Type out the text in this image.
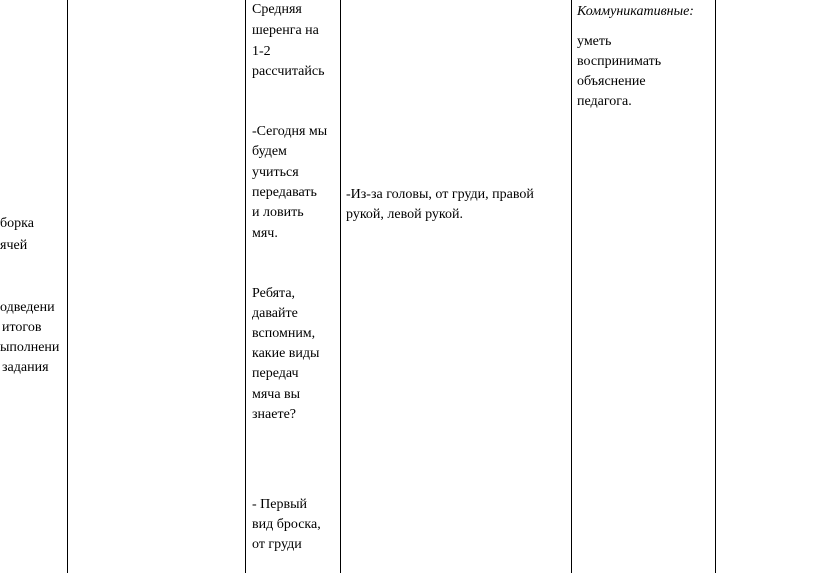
борка
ячей
одведени
итогов
ыполнени
задания
Средняя
шеренга на
1-2
рассчитайсь
-Сегодня мы
будем
учиться
передавать
и ловить
мяч.
Ребята,
давайте
вспомним,
какие виды
передач
мяча вы
знаете?
- Первый
вид броска,
от груди
-Из-за головы, от груди, правой
рукой, левой рукой.
Коммуникативные:
уметь
воспринимать
объяснение
педагога.
